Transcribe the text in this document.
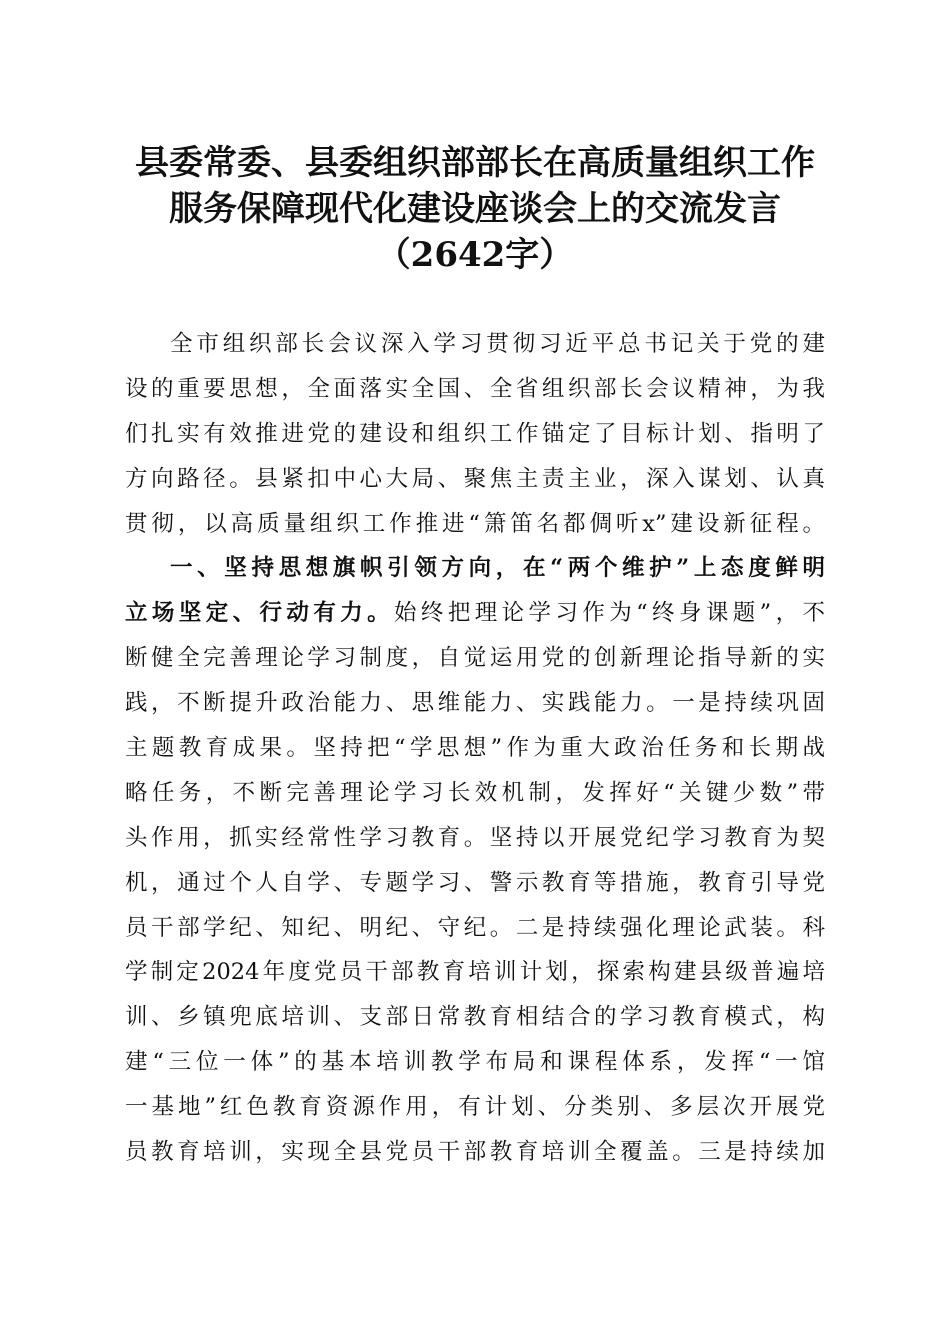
县委常委、县委组织部部长在高质量组织工作
服务保障现代化建设座谈会上的交流发言
（2642字）
全市组织部长会议深入学习贯彻习近平总书记关于党的建
设的重要思想，全面落实全国、全省组织部长会议精神，为我
们扎实有效推进党的建设和组织工作锚定了目标计划、指明了
方向路径。县紧扣中心大局、聚焦主责主业，深入谋划、认真
贯彻，以高质量组织工作推进“箫笛名都倜听x”建设新征程。
一、坚持思想旗帜引领方向，在“两个维护”上态度鲜明
立场坚定、行动有力。始终把理论学习作为“终身课题”，不
断健全完善理论学习制度，自觉运用党的创新理论指导新的实
践，不断提升政治能力、思维能力、实践能力。一是持续巩固
主题教育成果。坚持把“学思想”作为重大政治任务和长期战
略任务，不断完善理论学习长效机制，发挥好“关键少数”带
头作用，抓实经常性学习教育。坚持以开展党纪学习教育为契
机，通过个人自学、专题学习、警示教育等措施，教育引导党
员干部学纪、知纪、明纪、守纪。二是持续强化理论武装。科
学制定2024年度党员干部教育培训计划，探索构建县级普遍培
训、乡镇兜底培训、支部日常教育相结合的学习教育模式，构
建“三位一体”的基本培训教学布局和课程体系，发挥“一馆
一基地”红色教育资源作用，有计划、分类别、多层次开展党
员教育培训，实现全县党员干部教育培训全覆盖。三是持续加
